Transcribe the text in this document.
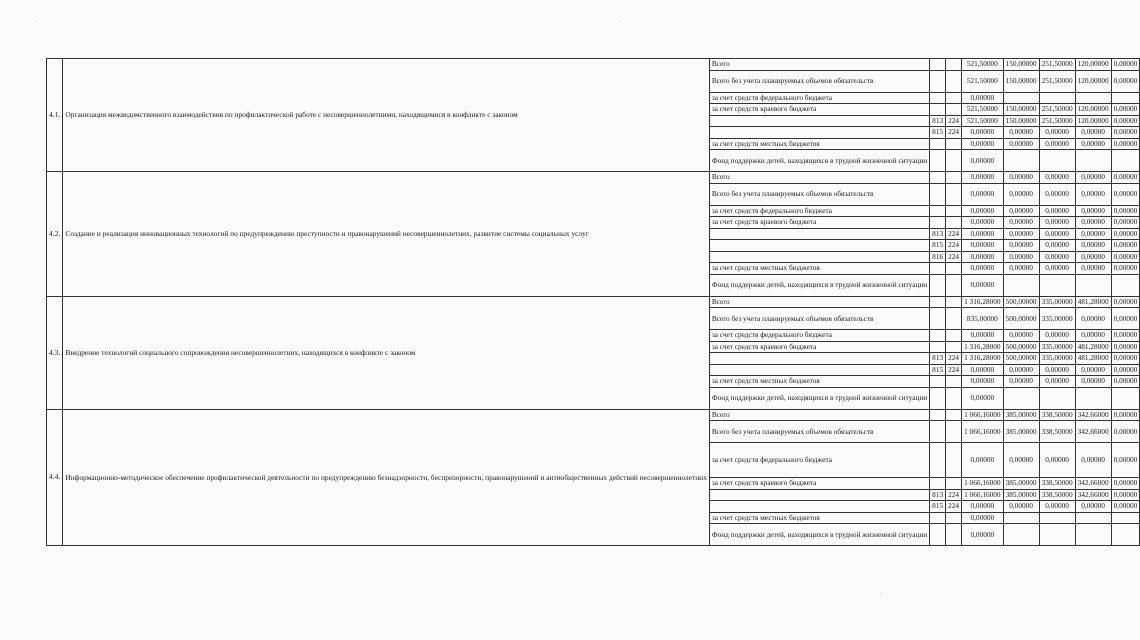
4.1.	Организация межведомственного взаимодействия по профилактической работе с несовершеннолетними, находящимися в конфликте с законом	Всего			521,50000	150,00000	251,50000	120,00000	0,00000
		Всего без учета планируемых объемов обязательств			521,50000	150,00000	251,50000	120,00000	0,00000
		за счет средств федерального бюджета			0,00000				
		за счет средств краевого бюджета			521,50000	150,00000	251,50000	120,00000	0,00000
			813	224	521,50000	150,00000	251,50000	120,00000	0,00000
			815	224	0,00000	0,00000	0,00000	0,00000	0,00000
		за счет средств местных бюджетов			0,00000	0,00000	0,00000	0,00000	0,00000
		Фонд поддержки детей, находящихся в трудной жизненной ситуации			0,00000				
4.2.	Создание и реализация инновационных технологий по предупреждению преступности и правонарушений несовершеннолетних, развитие системы социальных услуг	Всего			0,00000	0,00000	0,00000	0,00000	0,00000
		Всего без учета планируемых объемов обязательств			0,00000	0,00000	0,00000	0,00000	0,00000
		за счет средств федерального бюджета			0,00000	0,00000	0,00000	0,00000	0,00000
		за счет средств краевого бюджета			0,00000	0,00000	0,00000	0,00000	0,00000
			813	224	0,00000	0,00000	0,00000	0,00000	0,00000
			815	224	0,00000	0,00000	0,00000	0,00000	0,00000
			816	224	0,00000	0,00000	0,00000	0,00000	0,00000
		за счет средств местных бюджетов			0,00000	0,00000	0,00000	0,00000	0,00000
		Фонд поддержки детей, находящихся в трудной жизненной ситуации			0,00000				
4.3.	Внедрение технологий социального сопровождения несовершеннолетних, находящихся в конфликте с законом	Всего			1 316,28000	500,00000	335,00000	481,28000	0,00000
		Всего без учета планируемых объемов обязательств			835,00000	500,00000	335,00000	0,00000	0,00000
		за счет средств федерального бюджета			0,00000	0,00000	0,00000	0,00000	0,00000
		за счет средств краевого бюджета			1 316,28000	500,00000	335,00000	481,28000	0,00000
			813	224	1 316,28000	500,00000	335,00000	481,28000	0,00000
			815	224	0,00000	0,00000	0,00000	0,00000	0,00000
		за счет средств местных бюджетов			0,00000	0,00000	0,00000	0,00000	0,00000
		Фонд поддержки детей, находящихся в трудной жизненной ситуации			0,00000				
4.4.	Информационно-методическое обеспечение профилактической деятельности по предупреждению безнадзорности, беспризорности, правонарушений и антиобщественных действий несовершеннолетних	Всего			1 066,16000	385,00000	338,50000	342,66000	0,00000
		Всего без учета планируемых объемов обязательств			1 066,16000	385,00000	338,50000	342,66000	0,00000
		за счет средств федерального бюджета			0,00000	0,00000	0,00000	0,00000	0,00000
		за счет средств краевого бюджета			1 066,16000	385,00000	338,50000	342,66000	0,00000
			813	224	1 066,16000	385,00000	338,50000	342,66000	0,00000
			815	224	0,00000	0,00000	0,00000	0,00000	0,00000
		за счет средств местных бюджетов			0,00000				
		Фонд поддержки детей, находящихся в трудной жизненной ситуации			0,00000				
.	.
.
